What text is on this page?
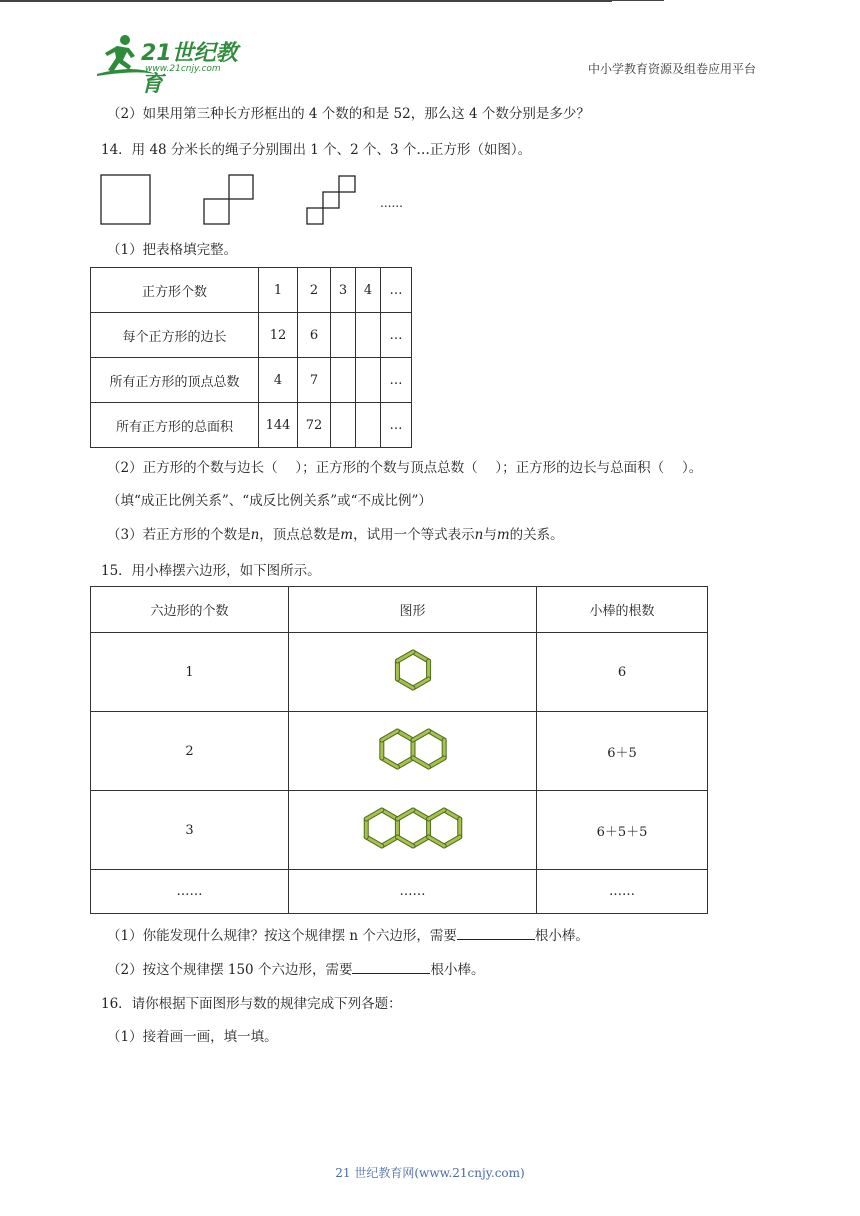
21世纪教育
www.21cnjy.com	中小学教育资源及组卷应用平台
（2）如果用第三种长方形框出的 4 个数的和是 52，那么这 4 个数分别是多少？
14．用 48 分米长的绳子分别围出 1 个、2 个、3 个…正方形（如图）。
......
（1）把表格填完整。
正方形个数	1	2	3	4	…
每个正方形的边长	12	6			…
所有正方形的顶点总数	4	7			…
所有正方形的总面积	144	72			…
（2）正方形的个数与边长（　 ）；正方形的个数与顶点总数（　 ）；正方形的边长与总面积（　 ）。
（填“成正比例关系”、“成反比例关系”或“不成比例”）
（3）若正方形的个数是n，顶点总数是m，试用一个等式表示n与m的关系。
15．用小棒摆六边形，如下图所示。
六边形的个数	图形	小棒的根数
1		6
2		6＋5
3		6＋5＋5
……	……	……
（1）你能发现什么规律？按这个规律摆 n 个六边形，需要	根小棒。
（2）按这个规律摆 150 个六边形，需要	根小棒。
16．请你根据下面图形与数的规律完成下列各题：
（1）接着画一画，填一填。
21 世纪教育网(www.21cnjy.com)
